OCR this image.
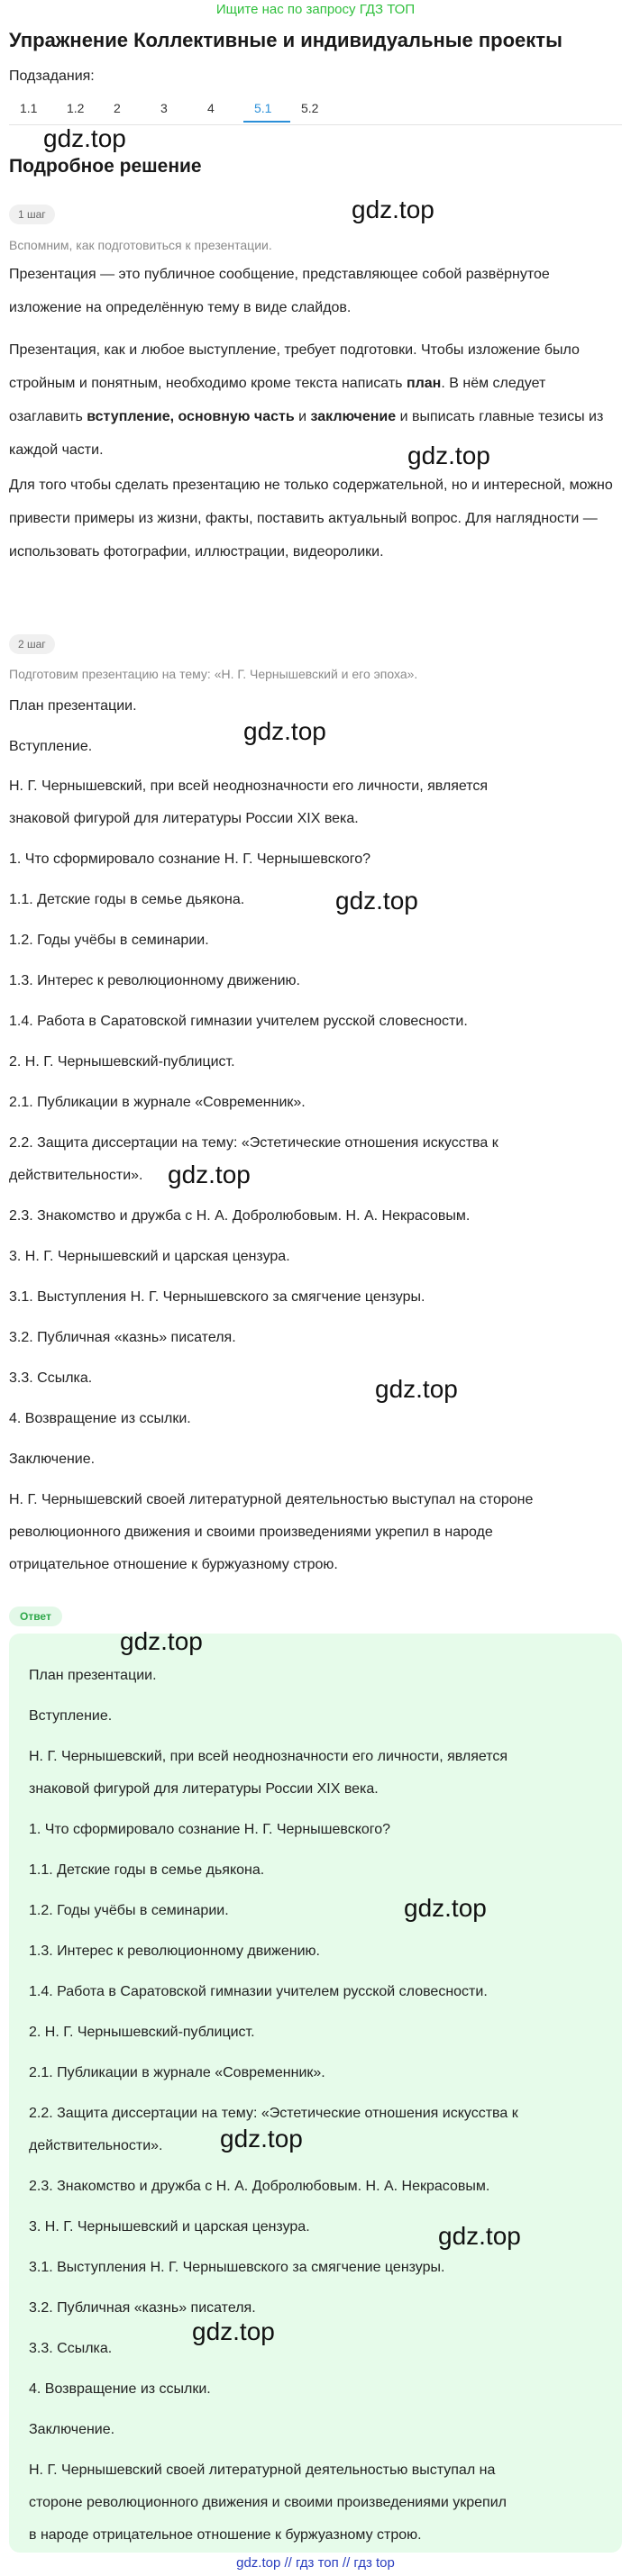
Ищите нас по запросу ГДЗ ТОП
Упражнение Коллективные и индивидуальные проекты
Подзадания:
1.1	1.2	2	3	4	5.1	5.2
gdz.top
Подробное решение
1 шаг	gdz.top
Вспомним, как подготовиться к презентации.

Презентация — это публичное сообщение, представляющее собой развёрнутое изложение на определённую тему в виде слайдов.

Презентация, как и любое выступление, требует подготовки. Чтобы изложение было стройным и понятным, необходимо кроме текста написать план. В нём следует озаглавить вступление, основную часть и заключение и выписать главные тезисы из каждой части.	gdz.top

Для того чтобы сделать презентацию не только содержательной, но и интересной, можно привести примеры из жизни, факты, поставить актуальный вопрос. Для наглядности — использовать фотографии, иллюстрации, видеоролики.

2 шаг
Подготовим презентацию на тему: «Н. Г. Чернышевский и его эпоха».
План презентации.
gdz.top
Вступление.
Н. Г. Чернышевский, при всей неоднозначности его личности, является
знаковой фигурой для литературы России XIX века.
1. Что сформировало сознание Н. Г. Чернышевского?
gdz.top
1.1. Детские годы в семье дьякона.
1.2. Годы учёбы в семинарии.
1.3. Интерес к революционному движению.
1.4. Работа в Саратовской гимназии учителем русской словесности.
2. Н. Г. Чернышевский-публицист.
2.1. Публикации в журнале «Современник».
2.2. Защита диссертации на тему: «Эстетические отношения искусства к
действительности». gdz.top
2.3. Знакомство и дружба с Н. А. Добролюбовым. Н. А. Некрасовым.
3. Н. Г. Чернышевский и царская цензура.
3.1. Выступления Н. Г. Чернышевского за смягчение цензуры.
3.2. Публичная «казнь» писателя.
3.3. Ссылка.	gdz.top
4. Возвращение из ссылки.
Заключение.
Н. Г. Чернышевский своей литературной деятельностью выступал на стороне
революционного движения и своими произведениями укрепил в народе
отрицательное отношение к буржуазному строю.
Ответ
План презентации.
Вступление.
Н. Г. Чернышевский, при всей неоднозначности его личности, является
знаковой фигурой для литературы России XIX века.
1. Что сформировало сознание Н. Г. Чернышевского?
1.1. Детские годы в семье дьякона.
1.2. Годы учёбы в семинарии.
1.3. Интерес к революционному движению.
1.4. Работа в Саратовской гимназии учителем русской словесности.
2. Н. Г. Чернышевский-публицист.
2.1. Публикации в журнале «Современник».
2.2. Защита диссертации на тему: «Эстетические отношения искусства к
действительности».
2.3. Знакомство и дружба с Н. А. Добролюбовым. Н. А. Некрасовым.
3. Н. Г. Чернышевский и царская цензура.
3.1. Выступления Н. Г. Чернышевского за смягчение цензуры.
3.2. Публичная «казнь» писателя.
3.3. Ссылка.
4. Возвращение из ссылки.
Заключение.
Н. Г. Чернышевский своей литературной деятельностью выступал на
стороне революционного движения и своими произведениями укрепил
в народе отрицательное отношение к буржуазному строю.
gdz.top
gdz.top
gdz.top
gdz.top
gdz.top
gdz.top // гдз топ // гдз top
